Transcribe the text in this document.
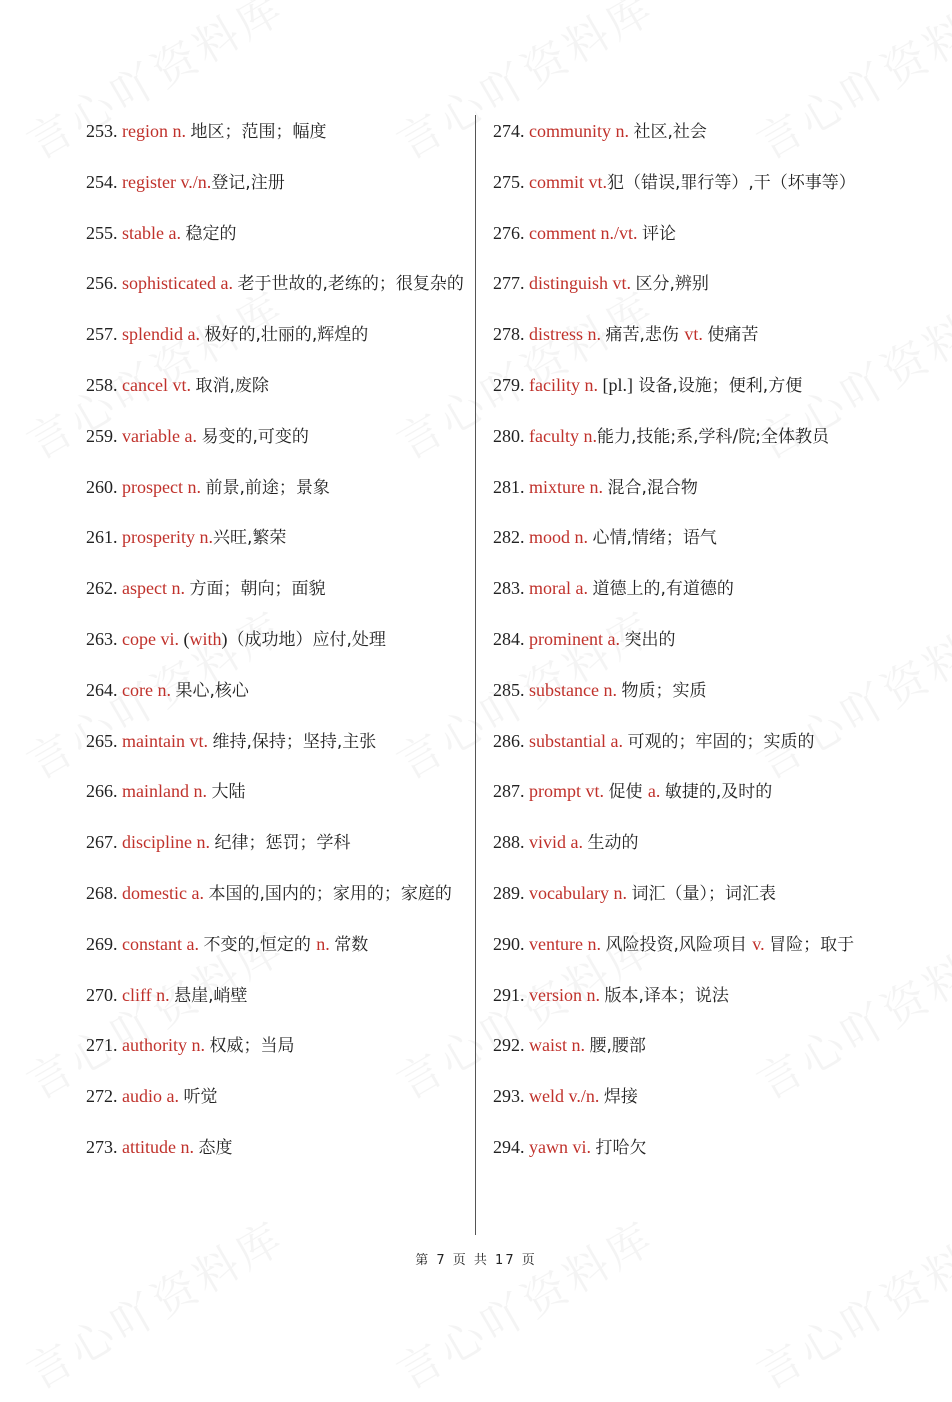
253. region n. 地区；范围；幅度
254. register v./n.登记,注册
255. stable a. 稳定的
256. sophisticated a. 老于世故的,老练的；很复杂的
257. splendid a. 极好的,壮丽的,辉煌的
258. cancel vt. 取消,废除
259. variable a. 易变的,可变的
260. prospect n. 前景,前途；景象
261. prosperity n.兴旺,繁荣
262. aspect n. 方面；朝向；面貌
263. cope vi. (with)（成功地）应付,处理
264. core n. 果心,核心
265. maintain vt. 维持,保持；坚持,主张
266. mainland n. 大陆
267. discipline n. 纪律；惩罚；学科
268. domestic a. 本国的,国内的；家用的；家庭的
269. constant a. 不变的,恒定的 n. 常数
270. cliff n. 悬崖,峭壁
271. authority n. 权威；当局
272. audio a. 听觉
273. attitude n. 态度
274. community n. 社区,社会
275. commit vt.犯（错误,罪行等）,干（坏事等）
276. comment n./vt. 评论
277. distinguish vt. 区分,辨别
278. distress n. 痛苦,悲伤 vt. 使痛苦
279. facility n. [pl.] 设备,设施；便利,方便
280. faculty n.能力,技能;系,学科/院;全体教员
281. mixture n. 混合,混合物
282. mood n. 心情,情绪；语气
283. moral a. 道德上的,有道德的
284. prominent a. 突出的
285. substance n. 物质；实质
286. substantial a. 可观的；牢固的；实质的
287. prompt vt. 促使 a. 敏捷的,及时的
288. vivid a. 生动的
289. vocabulary n. 词汇（量）；词汇表
290. venture n. 风险投资,风险项目 v. 冒险；取于
291. version n. 版本,译本；说法
292. waist n. 腰,腰部
293. weld v./n. 焊接
294. yawn vi. 打哈欠
第 7 页 共 17 页
